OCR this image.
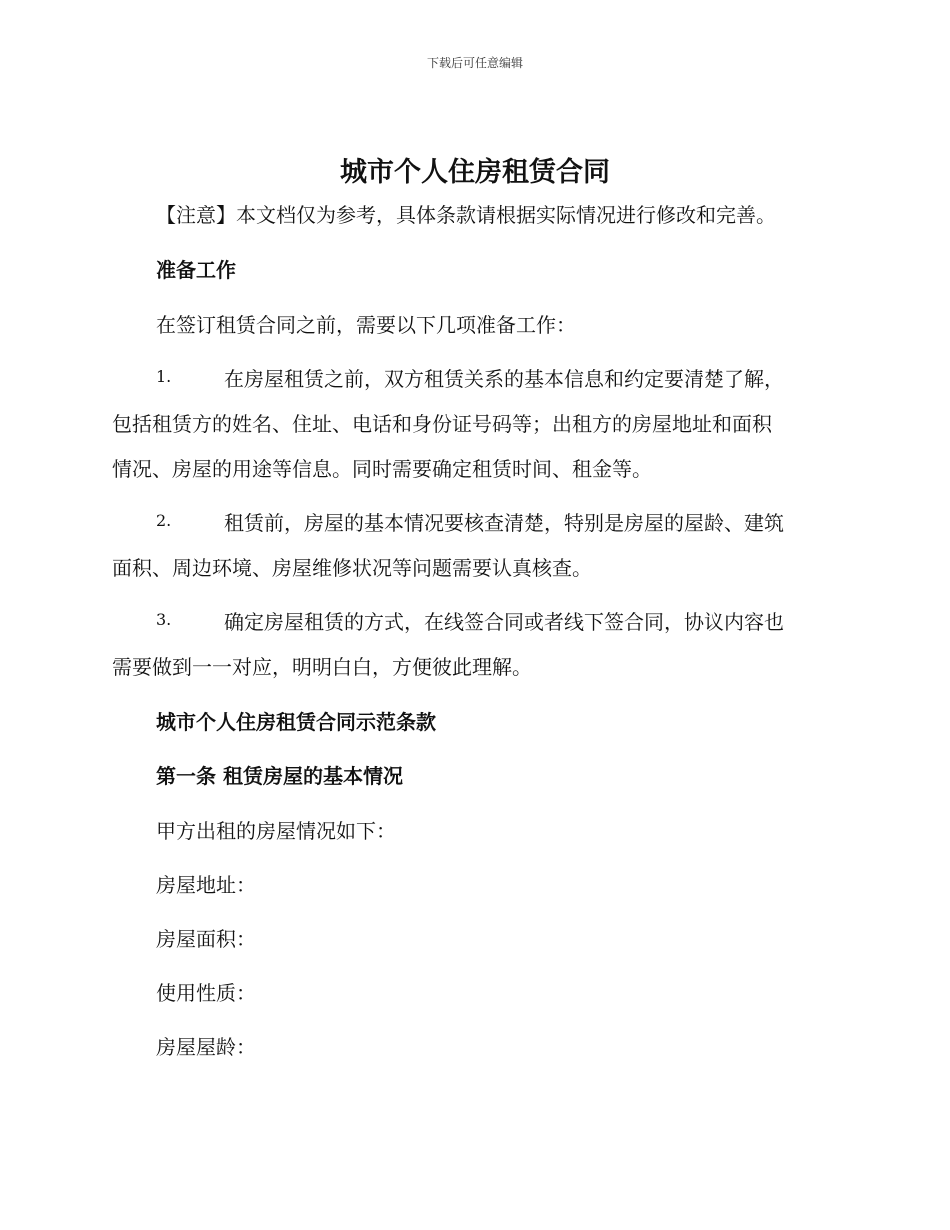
下载后可任意编辑
城市个人住房租赁合同
【注意】本文档仅为参考，具体条款请根据实际情况进行修改和完善。
准备工作
在签订租赁合同之前，需要以下几项准备工作：
1.	在房屋租赁之前，双方租赁关系的基本信息和约定要清楚了解，
包括租赁方的姓名、住址、电话和身份证号码等；出租方的房屋地址和面积
情况、房屋的用途等信息。同时需要确定租赁时间、租金等。
2.	租赁前，房屋的基本情况要核查清楚，特别是房屋的屋龄、建筑
面积、周边环境、房屋维修状况等问题需要认真核查。
3.	确定房屋租赁的方式，在线签合同或者线下签合同，协议内容也
需要做到一一对应，明明白白，方便彼此理解。
城市个人住房租赁合同示范条款
第一条 租赁房屋的基本情况
甲方出租的房屋情况如下：
房屋地址：
房屋面积：
使用性质：
房屋屋龄：
